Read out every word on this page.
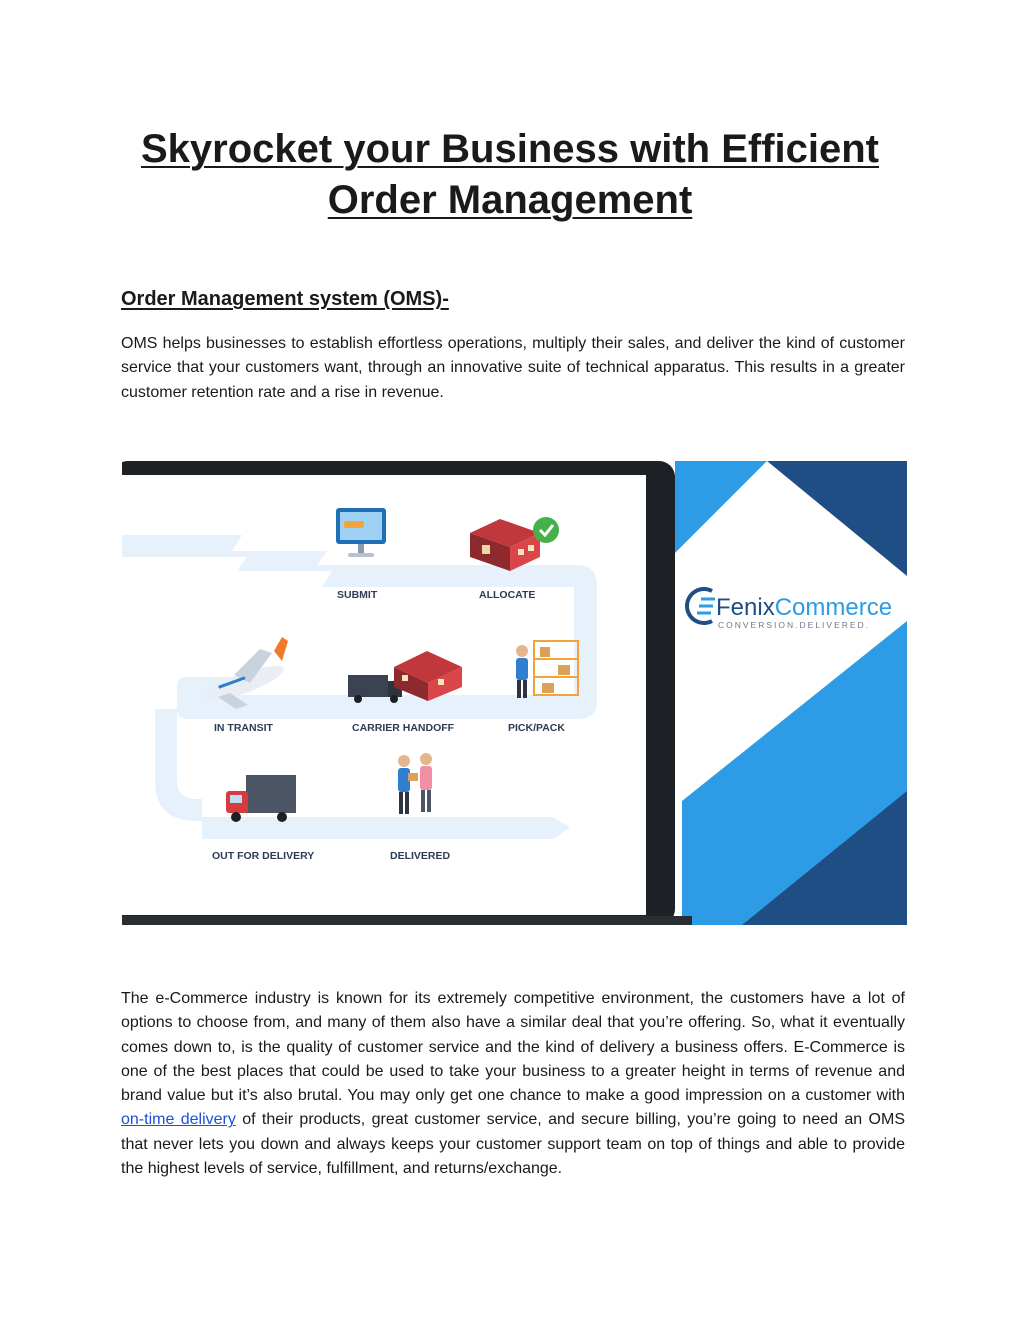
Skyrocket your Business with Efficient
Order Management
Order Management system (OMS)-

OMS helps businesses to establish effortless operations, multiply their sales, and deliver the kind of customer service that your customers want, through an innovative suite of technical apparatus. This results in a greater customer retention rate and a rise in revenue.

SUBMIT	ALLOCATE
IN TRANSIT	CARRIER HANDOFF	PICK/PACK
OUT FOR DELIVERY	DELIVERED
FenixCommerce
CONVERSION.DELIVERED.

The e-Commerce industry is known for its extremely competitive environment, the customers have a lot of options to choose from, and many of them also have a similar deal that you’re offering. So, what it eventually comes down to, is the quality of customer service and the kind of delivery a business offers. E-Commerce is one of the best places that could be used to take your business to a greater height in terms of revenue and brand value but it’s also brutal. You may only get one chance to make a good impression on a customer with on-time delivery of their products, great customer service, and secure billing, you’re going to need an OMS that never lets you down and always keeps your customer support team on top of things and able to provide the highest levels of service, fulfillment, and returns/exchange.
